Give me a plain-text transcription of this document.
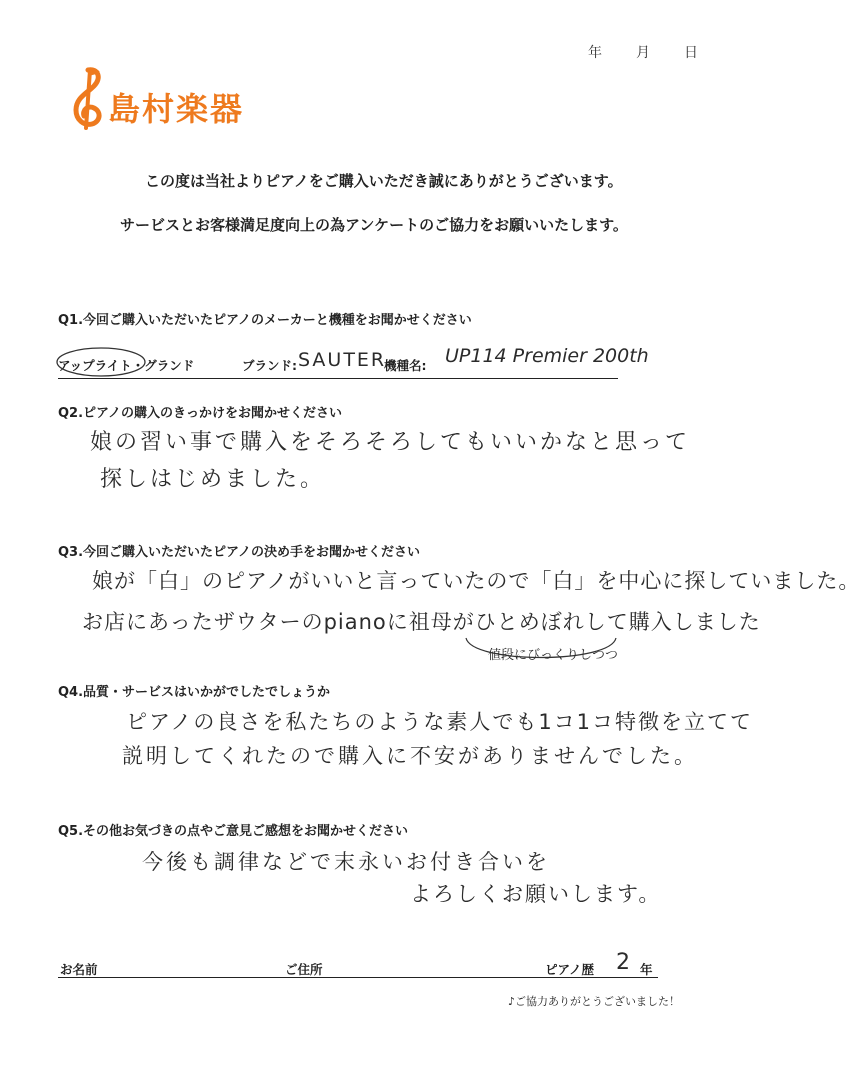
年 月 日
島村楽器
この度は当社よりピアノをご購入いただき誠にありがとうございます。
サービスとお客様満足度向上の為アンケートのご協力をお願いいたします。
Q1.今回ご購入いただいたピアノのメーカーと機種をお聞かせください
アップライト・グランド	ブランド: SAUTER
機種名: UP114 Premier 200th
Q2.ピアノの購入のきっかけをお聞かせください
娘の習い事で購入をそろそろしてもいいかなと思って
探しはじめました。
Q3.今回ご購入いただいたピアノの決め手をお聞かせください
娘が「白」のピアノがいいと言っていたので「白」を中心に探していました。
お店にあったザウターのpianoに祖母がひとめぼれして購入しました
値段にびっくりしつつ
Q4.品質・サービスはいかがでしたでしょうか
ピアノの良さを私たちのような素人でも1コ1コ特徴を立てて
説明してくれたので購入に不安がありませんでした。
Q5.その他お気づきの点やご意見ご感想をお聞かせください
今後も調律などで末永いお付き合いを
よろしくお願いします。
お名前	ご住所	ピアノ歴 2 年
♪ご協力ありがとうございました！
